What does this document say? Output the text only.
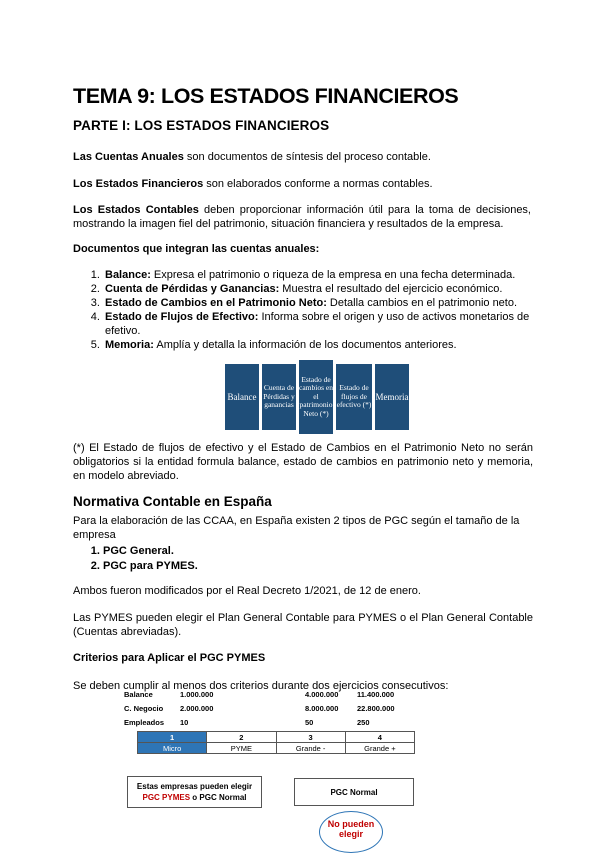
TEMA 9: LOS ESTADOS FINANCIEROS
PARTE I: LOS ESTADOS FINANCIEROS
Las Cuentas Anuales son documentos de síntesis del proceso contable.
Los Estados Financieros son elaborados conforme a normas contables.
Los Estados Contables deben proporcionar información útil para la toma de decisiones, mostrando la imagen fiel del patrimonio, situación financiera y resultados de la empresa.
Documentos que integran las cuentas anuales:
1. Balance: Expresa el patrimonio o riqueza de la empresa en una fecha determinada.
2. Cuenta de Pérdidas y Ganancias: Muestra el resultado del ejercicio económico.
3. Estado de Cambios en el Patrimonio Neto: Detalla cambios en el patrimonio neto.
4. Estado de Flujos de Efectivo: Informa sobre el origen y uso de activos monetarios de efetivo.
5. Memoria: Amplía y detalla la información de los documentos anteriores.
Balance
Cuenta de Pérdidas y ganancias
Estado de cambios en el patrimonio Neto (*)
Estado de flujos de efectivo (*)
Memoria
(*) El Estado de flujos de efectivo y el Estado de Cambios en el Patrimonio Neto no serán obligatorios si la entidad formula balance, estado de cambios en patrimonio neto y memoria, en modelo abreviado.
Normativa Contable en España
Para la elaboración de las CCAA, en España existen 2 tipos de PGC según el tamaño de la empresa
1. PGC General.
2. PGC para PYMES.
Ambos fueron modificados por el Real Decreto 1/2021, de 12 de enero.
Las PYMES pueden elegir el Plan General Contable para PYMES o el Plan General Contable (Cuentas abreviadas).
Criterios para Aplicar el PGC PYMES
Se deben cumplir al menos dos criterios durante dos ejercicios consecutivos:
Balance	1.000.000	4.000.000 11.400.000
C. Negocio 2.000.000	8.000.000 22.800.000
Empleados 10	50	250
1	2	3	4
Micro	PYME	Grande -	Grande +
Estas empresas pueden elegir
PGC PYMES o PGC Normal
PGC Normal
No pueden elegir
